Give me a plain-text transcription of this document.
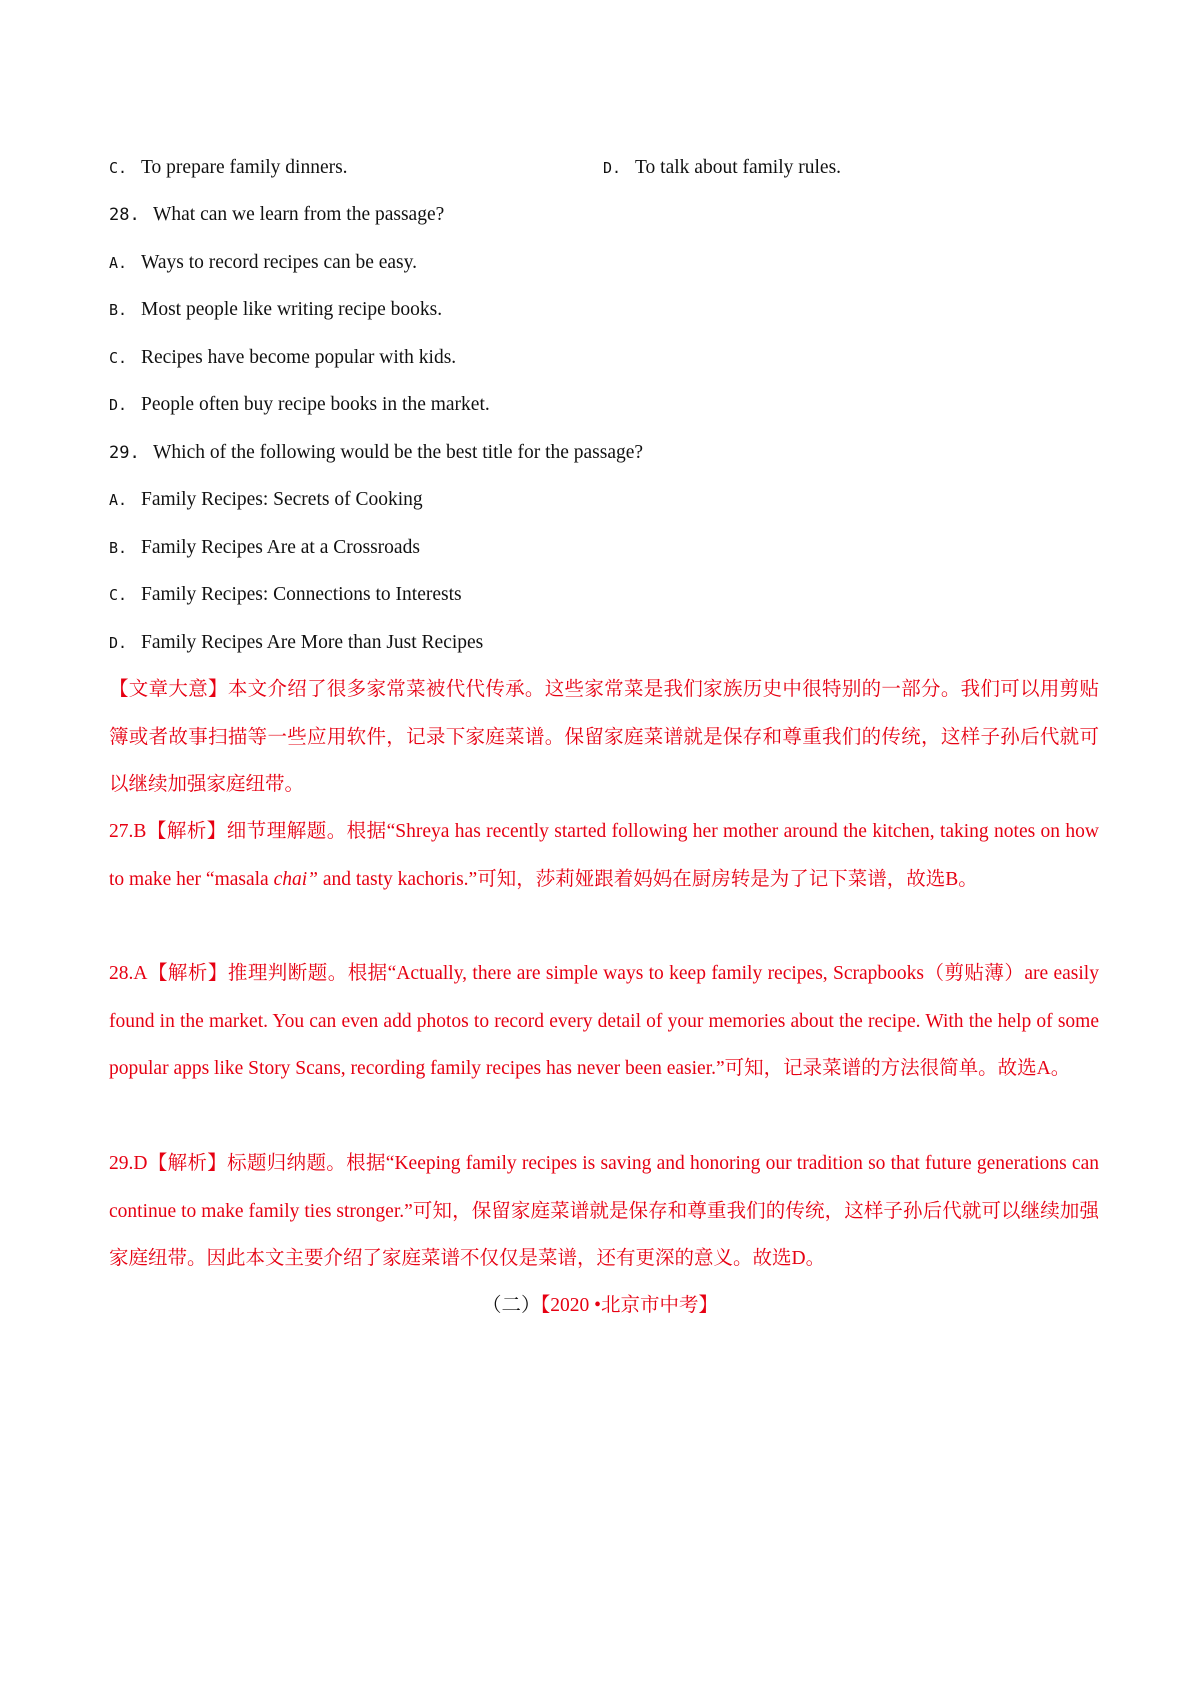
C. To prepare family dinners.	D. To talk about family rules.
28. What can we learn from the passage?
A. Ways to record recipes can be easy.
B. Most people like writing recipe books.
C. Recipes have become popular with kids.
D. People often buy recipe books in the market.
29. Which of the following would be the best title for the passage?
A. Family Recipes: Secrets of Cooking
B. Family Recipes Are at a Crossroads
C. Family Recipes: Connections to Interests
D. Family Recipes Are More than Just Recipes
【文章大意】本文介绍了很多家常菜被代代传承。这些家常菜是我们家族历史中很特别的一部分。我们可以用剪贴簿或者故事扫描等一些应用软件，记录下家庭菜谱。保留家庭菜谱就是保存和尊重我们的传统，这样子孙后代就可以继续加强家庭纽带。
27.B【解析】细节理解题。根据“Shreya has recently started following her mother around the kitchen, taking notes on how to make her “masala chai” and tasty kachoris.”可知，莎莉娅跟着妈妈在厨房转是为了记下菜谱，故选B。
28.A【解析】推理判断题。根据“Actually, there are simple ways to keep family recipes, Scrapbooks（剪贴薄）are easily found in the market. You can even add photos to record every detail of your memories about the recipe. With the help of some popular apps like Story Scans, recording family recipes has never been easier.”可知，记录菜谱的方法很简单。故选A。
29.D【解析】标题归纳题。根据“Keeping family recipes is saving and honoring our tradition so that future generations can continue to make family ties stronger.”可知，保留家庭菜谱就是保存和尊重我们的传统，这样子孙后代就可以继续加强家庭纽带。因此本文主要介绍了家庭菜谱不仅仅是菜谱，还有更深的意义。故选D。
（二）【2020 •北京市中考】
